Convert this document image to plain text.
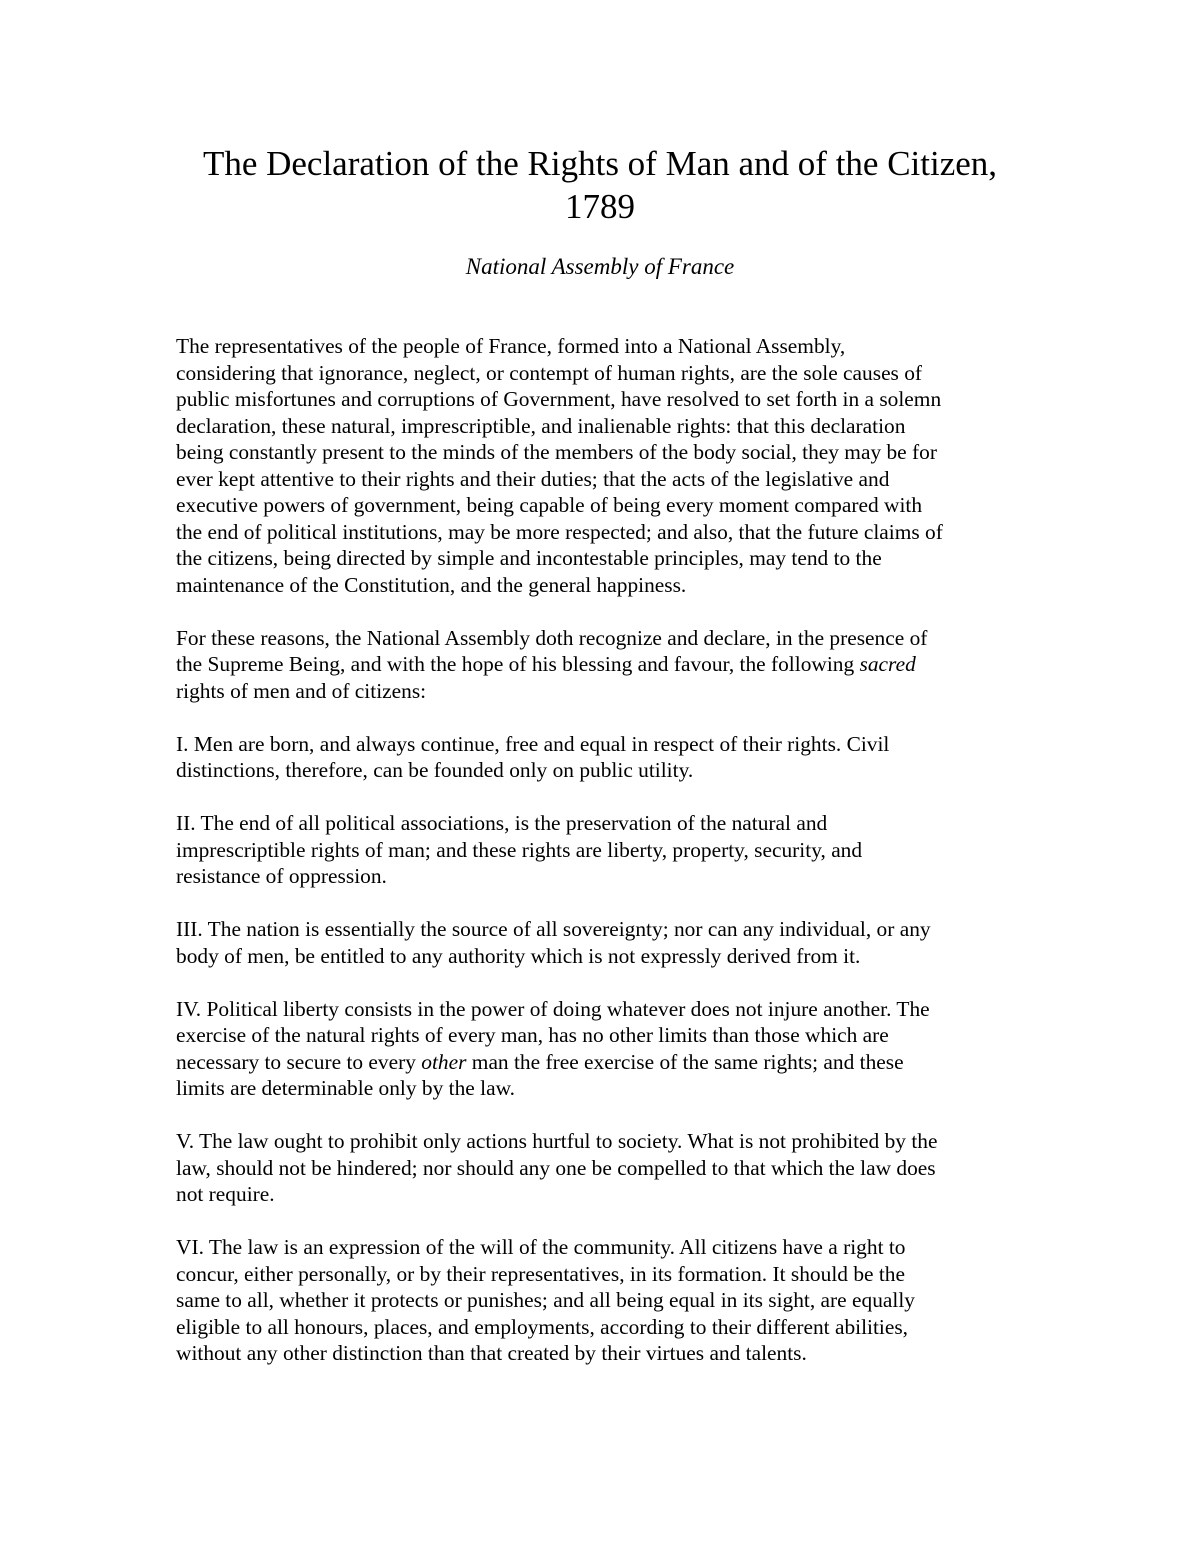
The Declaration of the Rights of Man and of the Citizen,
1789

National Assembly of France

The representatives of the people of France, formed into a National Assembly,
considering that ignorance, neglect, or contempt of human rights, are the sole causes of
public misfortunes and corruptions of Government, have resolved to set forth in a solemn
declaration, these natural, imprescriptible, and inalienable rights: that this declaration
being constantly present to the minds of the members of the body social, they may be for
ever kept attentive to their rights and their duties; that the acts of the legislative and
executive powers of government, being capable of being every moment compared with
the end of political institutions, may be more respected; and also, that the future claims of
the citizens, being directed by simple and incontestable principles, may tend to the
maintenance of the Constitution, and the general happiness.

For these reasons, the National Assembly doth recognize and declare, in the presence of
the Supreme Being, and with the hope of his blessing and favour, the following sacred
rights of men and of citizens:

I. Men are born, and always continue, free and equal in respect of their rights. Civil
distinctions, therefore, can be founded only on public utility.

II. The end of all political associations, is the preservation of the natural and
imprescriptible rights of man; and these rights are liberty, property, security, and
resistance of oppression.

III. The nation is essentially the source of all sovereignty; nor can any individual, or any
body of men, be entitled to any authority which is not expressly derived from it.

IV. Political liberty consists in the power of doing whatever does not injure another. The
exercise of the natural rights of every man, has no other limits than those which are
necessary to secure to every other man the free exercise of the same rights; and these
limits are determinable only by the law.

V. The law ought to prohibit only actions hurtful to society. What is not prohibited by the
law, should not be hindered; nor should any one be compelled to that which the law does
not require.

VI. The law is an expression of the will of the community. All citizens have a right to
concur, either personally, or by their representatives, in its formation. It should be the
same to all, whether it protects or punishes; and all being equal in its sight, are equally
eligible to all honours, places, and employments, according to their different abilities,
without any other distinction than that created by their virtues and talents.
